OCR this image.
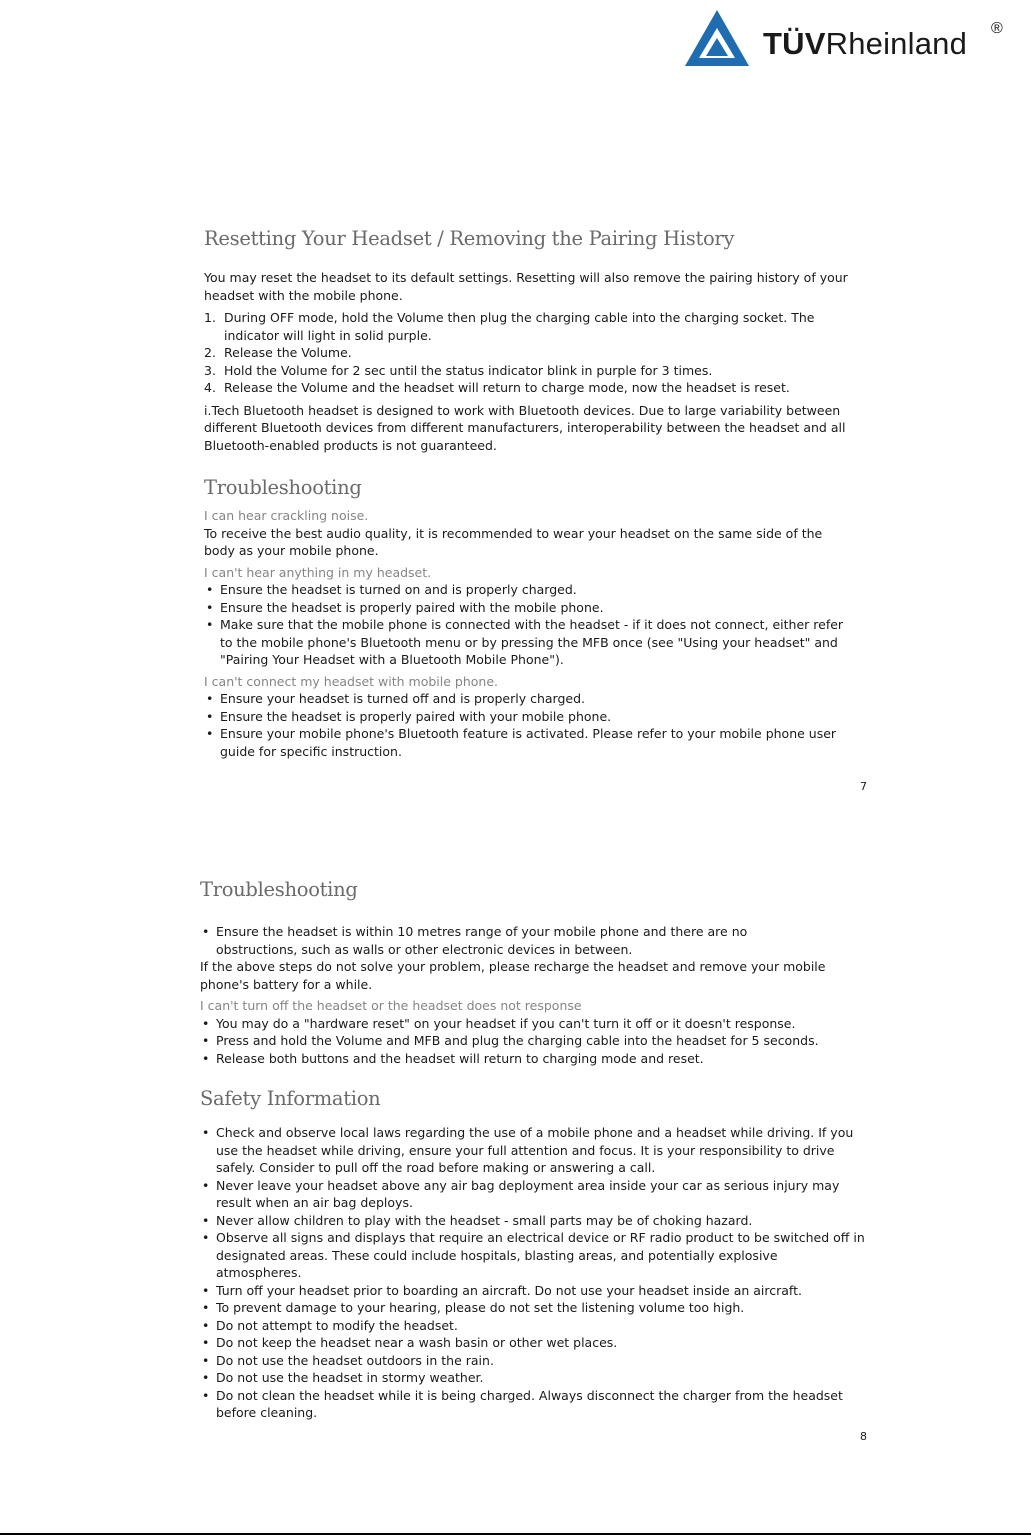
TÜVRheinland ®
Resetting Your Headset / Removing the Pairing History

You may reset the headset to its default settings. Resetting will also remove the pairing history of your headset with the mobile phone.

1. During OFF mode, hold the Volume then plug the charging cable into the charging socket. The indicator will light in solid purple.
2. Release the Volume.
3. Hold the Volume for 2 sec until the status indicator blink in purple for 3 times.
4. Release the Volume and the headset will return to charge mode, now the headset is reset.

i.Tech Bluetooth headset is designed to work with Bluetooth devices. Due to large variability between different Bluetooth devices from different manufacturers, interoperability between the headset and all Bluetooth-enabled products is not guaranteed.

Troubleshooting
I can hear crackling noise.

To receive the best audio quality, it is recommended to wear your headset on the same side of the body as your mobile phone.

I can't hear anything in my headset.
• Ensure the headset is turned on and is properly charged.
• Ensure the headset is properly paired with the mobile phone.
• Make sure that the mobile phone is connected with the headset - if it does not connect, either refer to the mobile phone's Bluetooth menu or by pressing the MFB once (see "Using your headset" and "Pairing Your Headset with a Bluetooth Mobile Phone").
I can't connect my headset with mobile phone.
• Ensure your headset is turned off and is properly charged.
• Ensure the headset is properly paired with your mobile phone.
• Ensure your mobile phone's Bluetooth feature is activated. Please refer to your mobile phone user guide for specific instruction.
7
Troubleshooting
• Ensure the headset is within 10 metres range of your mobile phone and there are no obstructions, such as walls or other electronic devices in between.

If the above steps do not solve your problem, please recharge the headset and remove your mobile phone's battery for a while.

I can't turn off the headset or the headset does not response
• You may do a "hardware reset" on your headset if you can't turn it off or it doesn't response.
• Press and hold the Volume and MFB and plug the charging cable into the headset for 5 seconds.
• Release both buttons and the headset will return to charging mode and reset.
Safety Information
• Check and observe local laws regarding the use of a mobile phone and a headset while driving. If you use the headset while driving, ensure your full attention and focus. It is your responsibility to drive safely. Consider to pull off the road before making or answering a call.
• Never leave your headset above any air bag deployment area inside your car as serious injury may result when an air bag deploys.
• Never allow children to play with the headset - small parts may be of choking hazard.
• Observe all signs and displays that require an electrical device or RF radio product to be switched off in designated areas. These could include hospitals, blasting areas, and potentially explosive atmospheres.
• Turn off your headset prior to boarding an aircraft. Do not use your headset inside an aircraft.
• To prevent damage to your hearing, please do not set the listening volume too high.
• Do not attempt to modify the headset.
• Do not keep the headset near a wash basin or other wet places.
• Do not use the headset outdoors in the rain.
• Do not use the headset in stormy weather.
• Do not clean the headset while it is being charged. Always disconnect the charger from the headset before cleaning.
8
